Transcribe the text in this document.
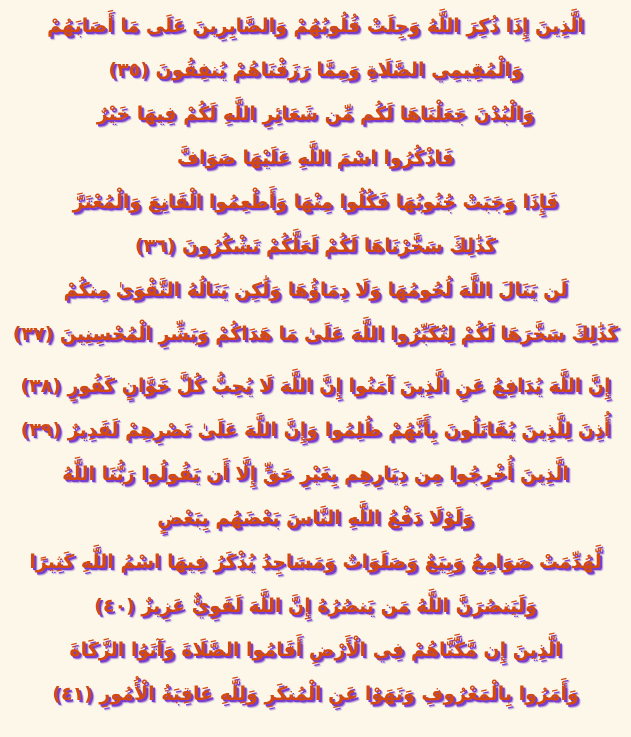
الَّذِينَ إِذَا ذُكِرَ اللَّهُ وَجِلَتْ قُلُوبُهُمْ وَالصَّابِرِينَ عَلَى مَا أَصَابَهُمْ
وَالْمُقِيمِي الصَّلَاةِ وَمِمَّا رَزَقْنَاهُمْ يُنفِقُونَ (٣٥)
وَالْبُدْنَ جَعَلْنَاهَا لَكُم مِّن شَعَائِرِ اللَّهِ لَكُمْ فِيهَا خَيْرٌ
فَاذْكُرُوا اسْمَ اللَّهِ عَلَيْهَا صَوَافَّ
فَإِذَا وَجَبَتْ جُنُوبُهَا فَكُلُوا مِنْهَا وَأَطْعِمُوا الْقَانِعَ وَالْمُعْتَرَّ
كَذَٰلِكَ سَخَّرْنَاهَا لَكُمْ لَعَلَّكُمْ تَشْكُرُونَ (٣٦)
لَن يَنَالَ اللَّهَ لُحُومُهَا وَلَا دِمَاؤُهَا وَلَٰكِن يَنَالُهُ التَّقْوَىٰ مِنكُمْ
كَذَٰلِكَ سَخَّرَهَا لَكُمْ لِتُكَبِّرُوا اللَّهَ عَلَىٰ مَا هَدَاكُمْ وَبَشِّرِ الْمُحْسِنِينَ (٣٧)
إِنَّ اللَّهَ يُدَافِعُ عَنِ الَّذِينَ آمَنُوا إِنَّ اللَّهَ لَا يُحِبُّ كُلَّ خَوَّانٍ كَفُورٍ (٣٨)
أُذِنَ لِلَّذِينَ يُقَاتَلُونَ بِأَنَّهُمْ ظُلِمُوا وَإِنَّ اللَّهَ عَلَىٰ نَصْرِهِمْ لَقَدِيرٌ (٣٩)
الَّذِينَ أُخْرِجُوا مِن دِيَارِهِم بِغَيْرِ حَقٍّ إِلَّا أَن يَقُولُوا رَبُّنَا اللَّهُ
وَلَوْلَا دَفْعُ اللَّهِ النَّاسَ بَعْضَهُم بِبَعْضٍ
لَّهُدِّمَتْ صَوَامِعُ وَبِيَعٌ وَصَلَوَاتٌ وَمَسَاجِدُ يُذْكَرُ فِيهَا اسْمُ اللَّهِ كَثِيرًا
وَلَيَنصُرَنَّ اللَّهُ مَن يَنصُرُهُ إِنَّ اللَّهَ لَقَوِيٌّ عَزِيزٌ (٤٠)
الَّذِينَ إِن مَّكَّنَّاهُمْ فِي الْأَرْضِ أَقَامُوا الصَّلَاةَ وَآتَوُا الزَّكَاةَ
وَأَمَرُوا بِالْمَعْرُوفِ وَنَهَوْا عَنِ الْمُنكَرِ وَلِلَّهِ عَاقِبَةُ الْأُمُورِ (٤١)
